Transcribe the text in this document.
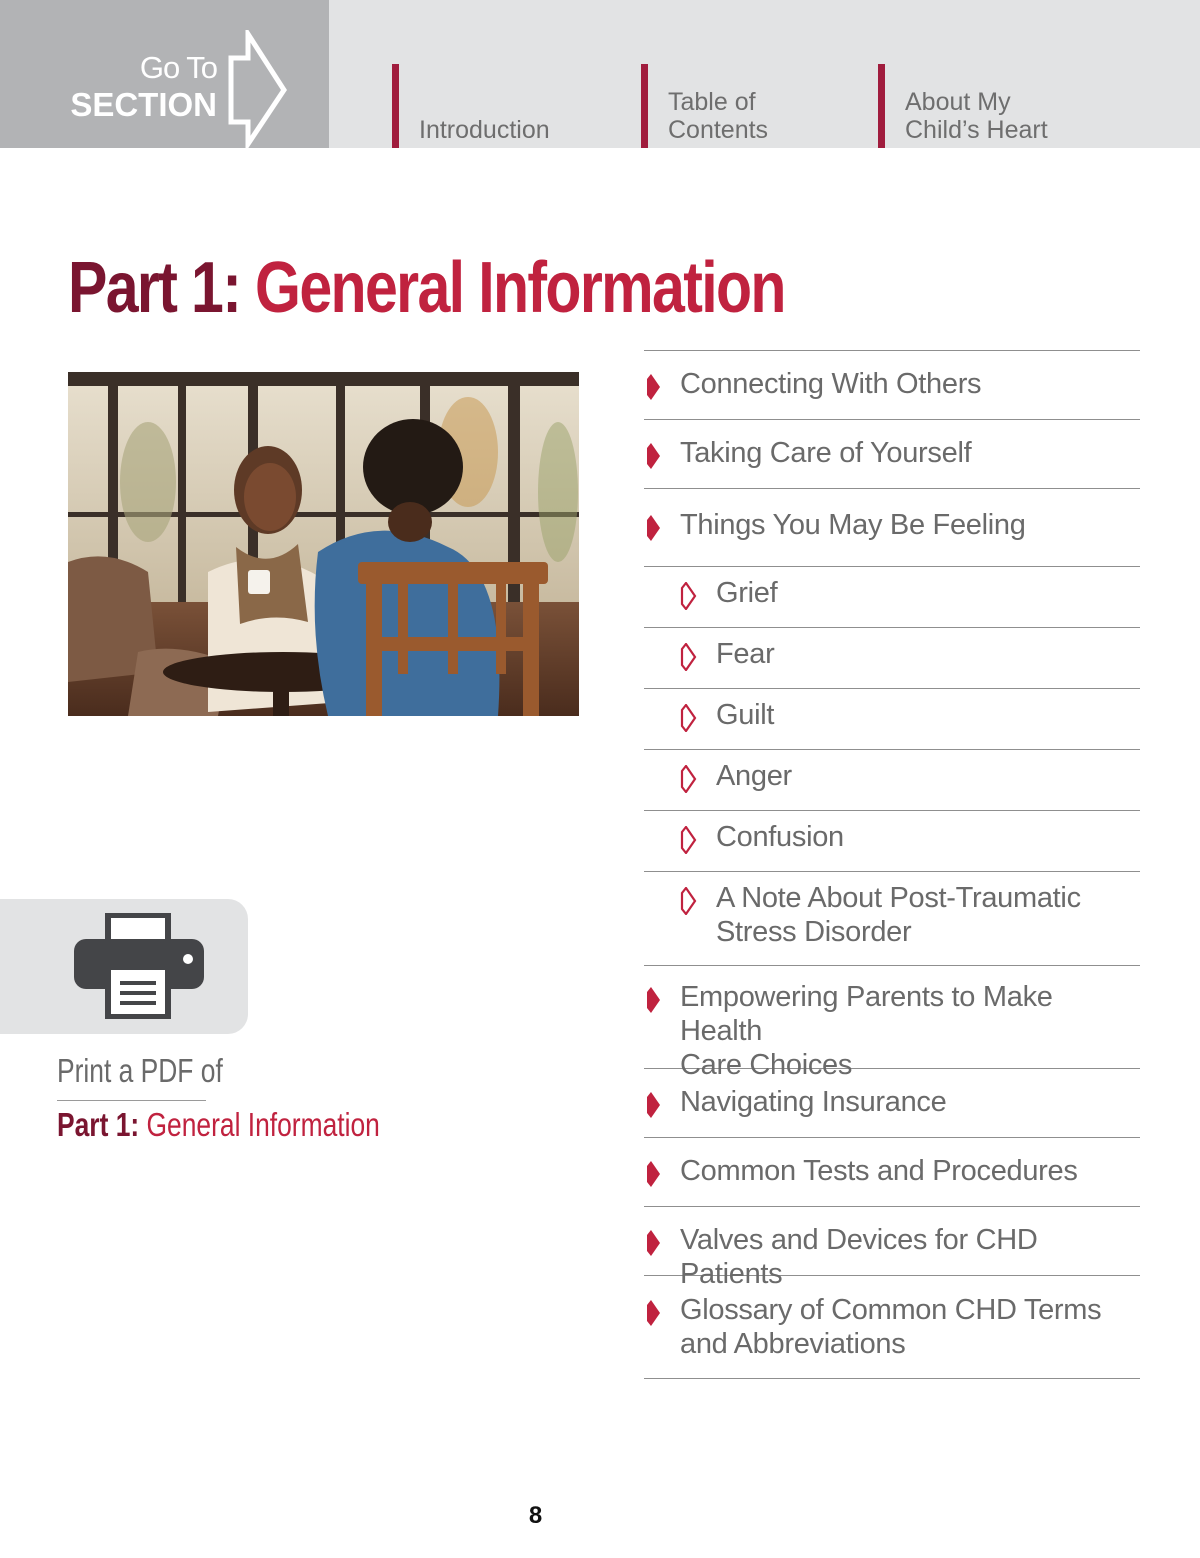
Go To
SECTION
Introduction
Table of
Contents
About My
Child’s Heart
Part 1: General Information
Print a PDF of
Part 1: General Information
Connecting With Others
Taking Care of Yourself
Things You May Be Feeling
Grief
Fear
Guilt
Anger
Confusion
A Note About Post-Traumatic
Stress Disorder
Empowering Parents to Make Health
Care Choices
Navigating Insurance
Common Tests and Procedures
Valves and Devices for CHD Patients
Glossary of Common CHD Terms
and Abbreviations
8
